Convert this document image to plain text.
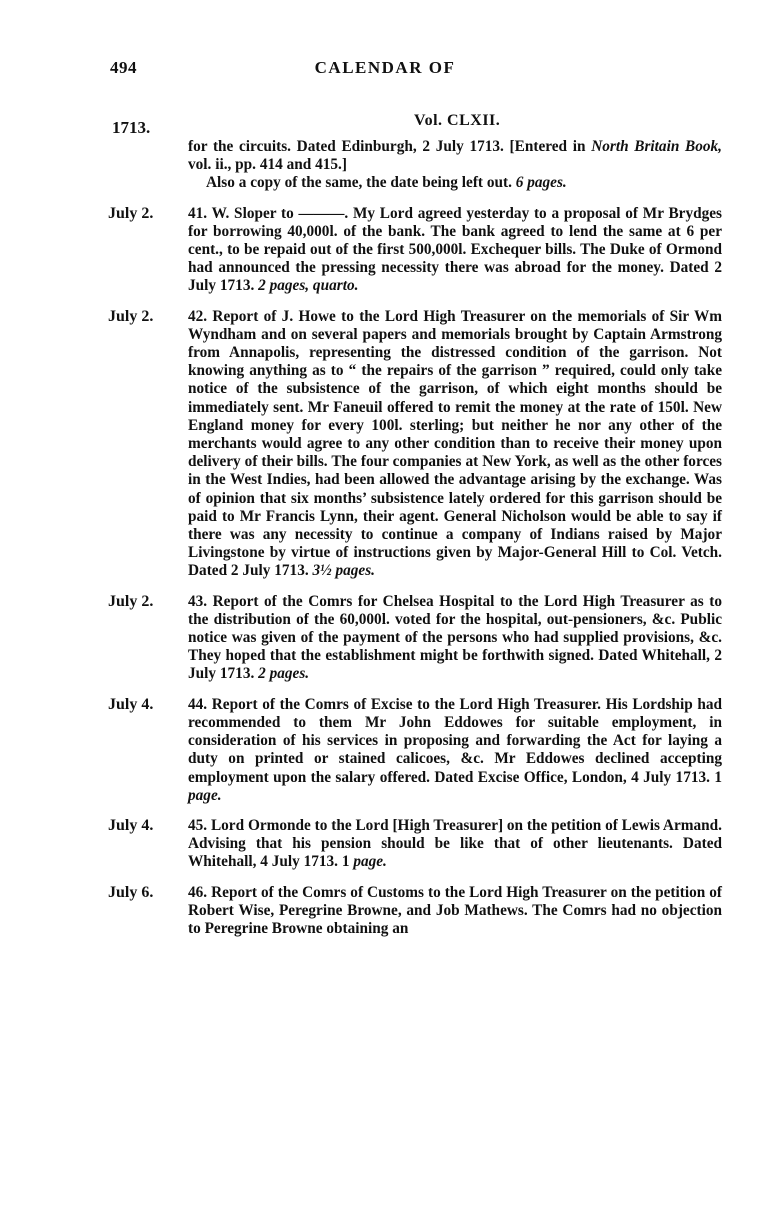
494	CALENDAR OF
1713.	Vol. CLXII.
for the circuits. Dated Edinburgh, 2 July 1713. [Entered in North Britain Book, vol. ii., pp. 414 and 415.]
Also a copy of the same, the date being left out. 6 pages.
July 2.	41. W. Sloper to ———. My Lord agreed yesterday to a proposal of Mr Brydges for borrowing 40,000l. of the bank. The bank agreed to lend the same at 6 per cent., to be repaid out of the first 500,000l. Exchequer bills. The Duke of Ormond had announced the pressing necessity there was abroad for the money. Dated 2 July 1713. 2 pages, quarto.
July 2.	42. Report of J. Howe to the Lord High Treasurer on the memorials of Sir Wm Wyndham and on several papers and memorials brought by Captain Armstrong from Annapolis, representing the distressed condition of the garrison. Not knowing anything as to “ the repairs of the garrison ” required, could only take notice of the subsistence of the garrison, of which eight months should be immediately sent. Mr Faneuil offered to remit the money at the rate of 150l. New England money for every 100l. sterling; but neither he nor any other of the merchants would agree to any other condition than to receive their money upon delivery of their bills. The four companies at New York, as well as the other forces in the West Indies, had been allowed the advantage arising by the exchange. Was of opinion that six months’ subsistence lately ordered for this garrison should be paid to Mr Francis Lynn, their agent. General Nicholson would be able to say if there was any necessity to continue a company of Indians raised by Major Livingstone by virtue of instructions given by Major-General Hill to Col. Vetch. Dated 2 July 1713. 3½ pages.
July 2.	43. Report of the Comrs for Chelsea Hospital to the Lord High Treasurer as to the distribution of the 60,000l. voted for the hospital, out-pensioners, &c. Public notice was given of the payment of the persons who had supplied provisions, &c. They hoped that the establishment might be forthwith signed. Dated Whitehall, 2 July 1713. 2 pages.
July 4.	44. Report of the Comrs of Excise to the Lord High Treasurer. His Lordship had recommended to them Mr John Eddowes for suitable employment, in consideration of his services in proposing and forwarding the Act for laying a duty on printed or stained calicoes, &c. Mr Eddowes declined accepting employment upon the salary offered. Dated Excise Office, London, 4 July 1713. 1 page.
July 4.	45. Lord Ormonde to the Lord [High Treasurer] on the petition of Lewis Armand. Advising that his pension should be like that of other lieutenants. Dated Whitehall, 4 July 1713. 1 page.
July 6.	46. Report of the Comrs of Customs to the Lord High Treasurer on the petition of Robert Wise, Peregrine Browne, and Job Mathews. The Comrs had no objection to Peregrine Browne obtaining an
